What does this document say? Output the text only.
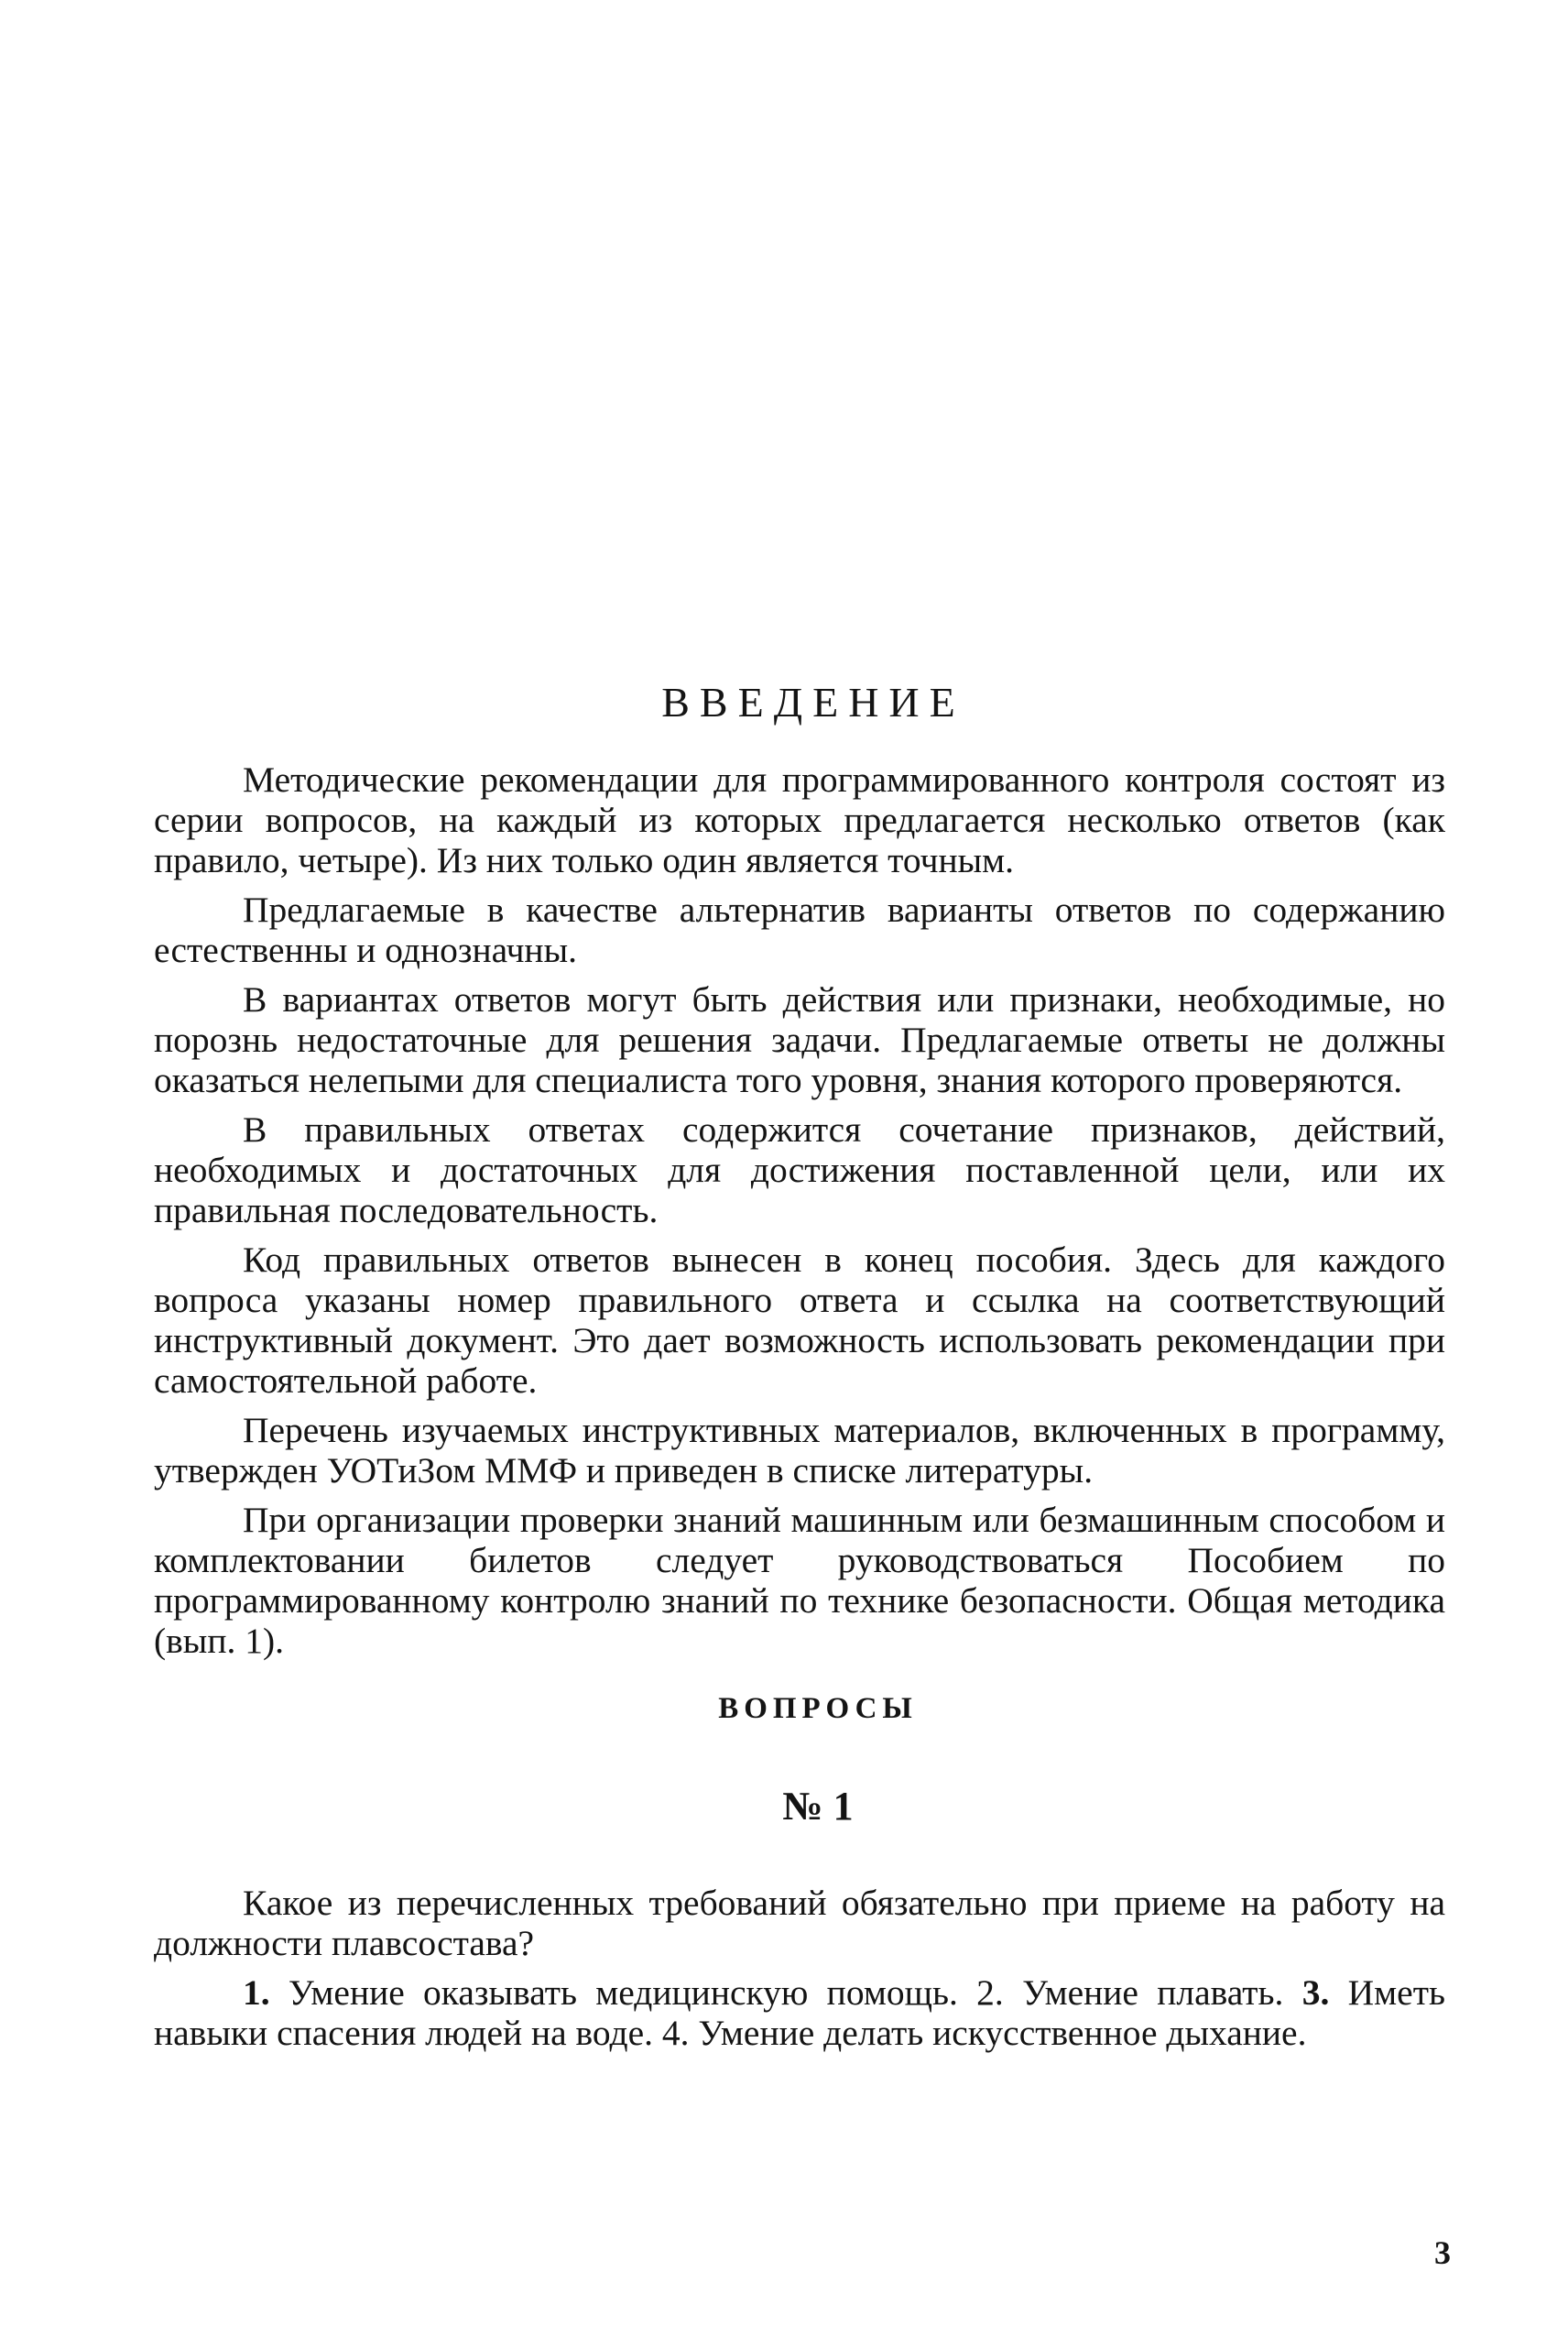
ВВЕДЕНИЕ

Методические рекомендации для программированного контроля состоят из серии вопросов, на каждый из которых предлагается несколько ответов (как правило, четыре). Из них только один является точным.

Предлагаемые в качестве альтернатив варианты ответов по содержанию естественны и однозначны.

В вариантах ответов могут быть действия или признаки, необходимые, но порознь недостаточные для решения задачи. Предлагаемые ответы не должны оказаться нелепыми для специалиста того уровня, знания которого проверяются.

В правильных ответах содержится сочетание признаков, действий, необходимых и достаточных для достижения поставленной цели, или их правильная последовательность.

Код правильных ответов вынесен в конец пособия. Здесь для каждого вопроса указаны номер правильного ответа и ссылка на соответствующий инструктивный документ. Это дает возможность использовать рекомендации при самостоятельной работе.

Перечень изучаемых инструктивных материалов, включенных в программу, утвержден УОТиЗом ММФ и приведен в списке литературы.

При организации проверки знаний машинным или безмашинным способом и комплектовании билетов следует руководствоваться Пособием по программированному контролю знаний по технике безопасности. Общая методика (вып. 1).

ВОПРОСЫ
№ 1

Какое из перечисленных требований обязательно при приеме на работу на должности плавсостава?

1. Умение оказывать медицинскую помощь. 2. Умение плавать. 3. Иметь навыки спасения людей на воде. 4. Умение делать искусственное дыхание.

3
